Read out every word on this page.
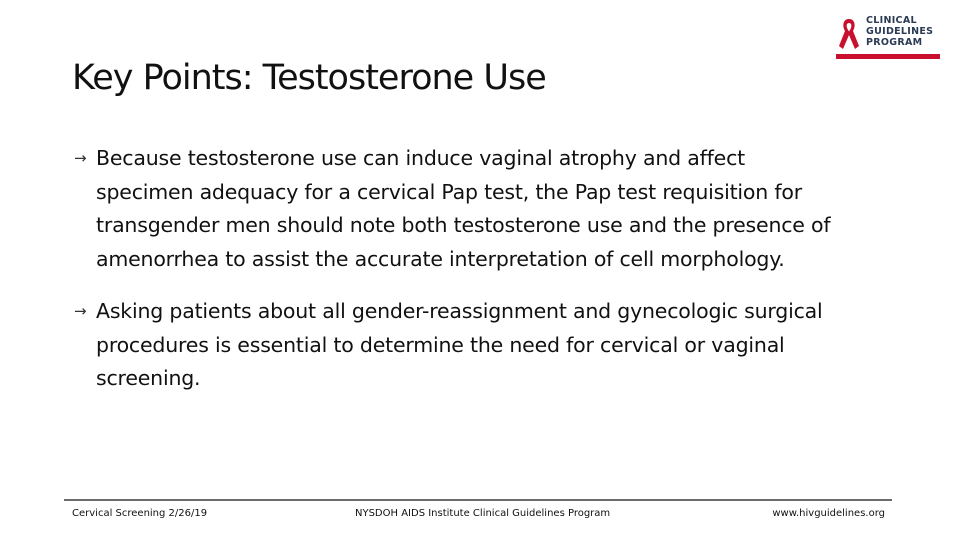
CLINICAL
GUIDELINES
PROGRAM
Key Points: Testosterone Use

→ Because testosterone use can induce vaginal atrophy and affect specimen adequacy for a cervical Pap test, the Pap test requisition for transgender men should note both testosterone use and the presence of amenorrhea to assist the accurate interpretation of cell morphology.

→ Asking patients about all gender-reassignment and gynecologic surgical procedures is essential to determine the need for cervical or vaginal screening.

Cervical Screening 2/26/19	NYSDOH AIDS Institute Clinical Guidelines Program	www.hivguidelines.org
